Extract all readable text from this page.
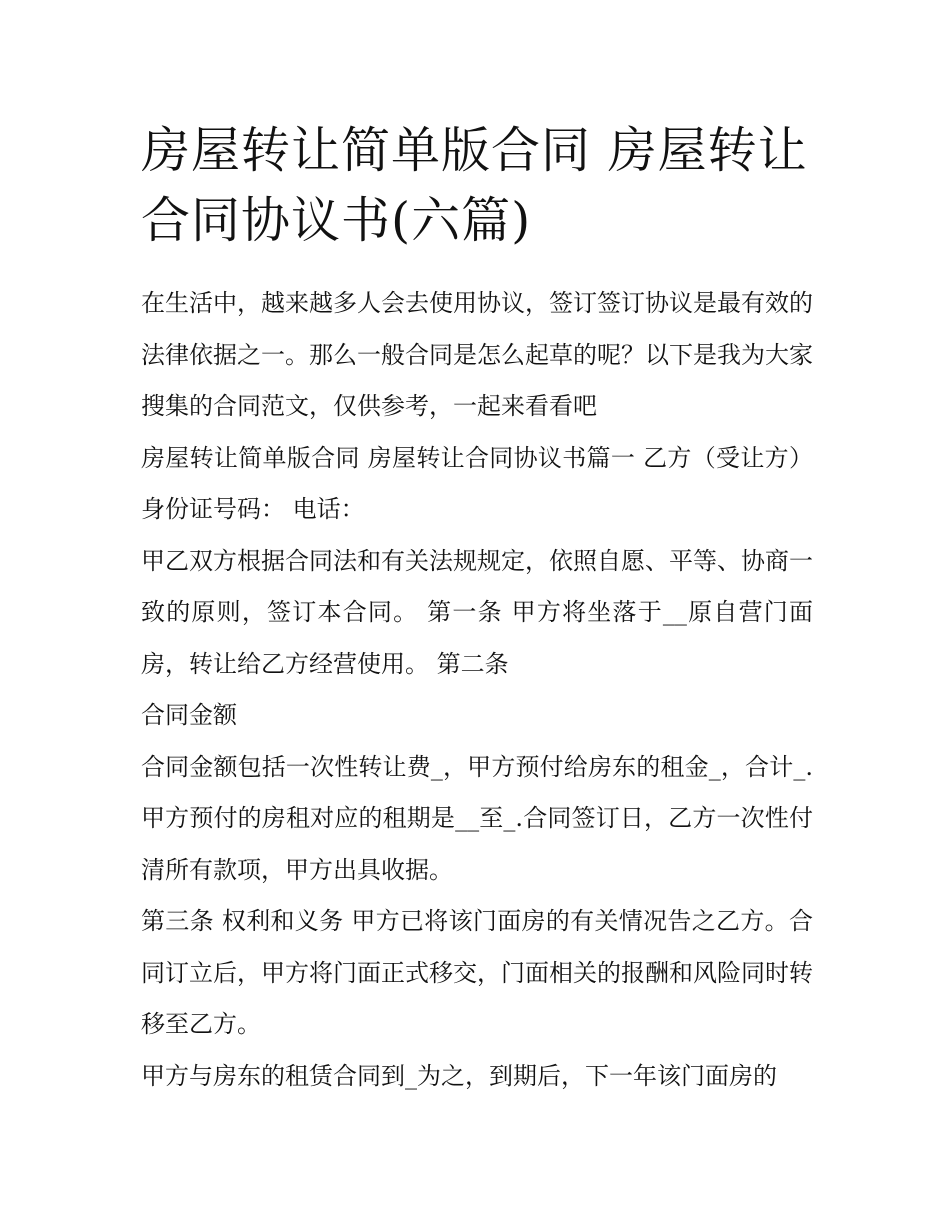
房屋转让简单版合同 房屋转让合同协议书(六篇)

在生活中，越来越多人会去使用协议，签订签订协议是最有效的法律依据之一。那么一般合同是怎么起草的呢？以下是我为大家搜集的合同范文，仅供参考，一起来看看吧

房屋转让简单版合同 房屋转让合同协议书篇一 乙方（受让方） 身份证号码： 电话：

甲乙双方根据合同法和有关法规规定，依照自愿、平等、协商一致的原则，签订本合同。 第一条 甲方将坐落于__原自营门面房，转让给乙方经营使用。 第二条

合同金额

合同金额包括一次性转让费_，甲方预付给房东的租金_，合计_.甲方预付的房租对应的租期是__至_.合同签订日，乙方一次性付清所有款项，甲方出具收据。

第三条 权利和义务 甲方已将该门面房的有关情况告之乙方。合同订立后，甲方将门面正式移交，门面相关的报酬和风险同时转移至乙方。

甲方与房东的租赁合同到_为之，到期后，下一年该门面房的
